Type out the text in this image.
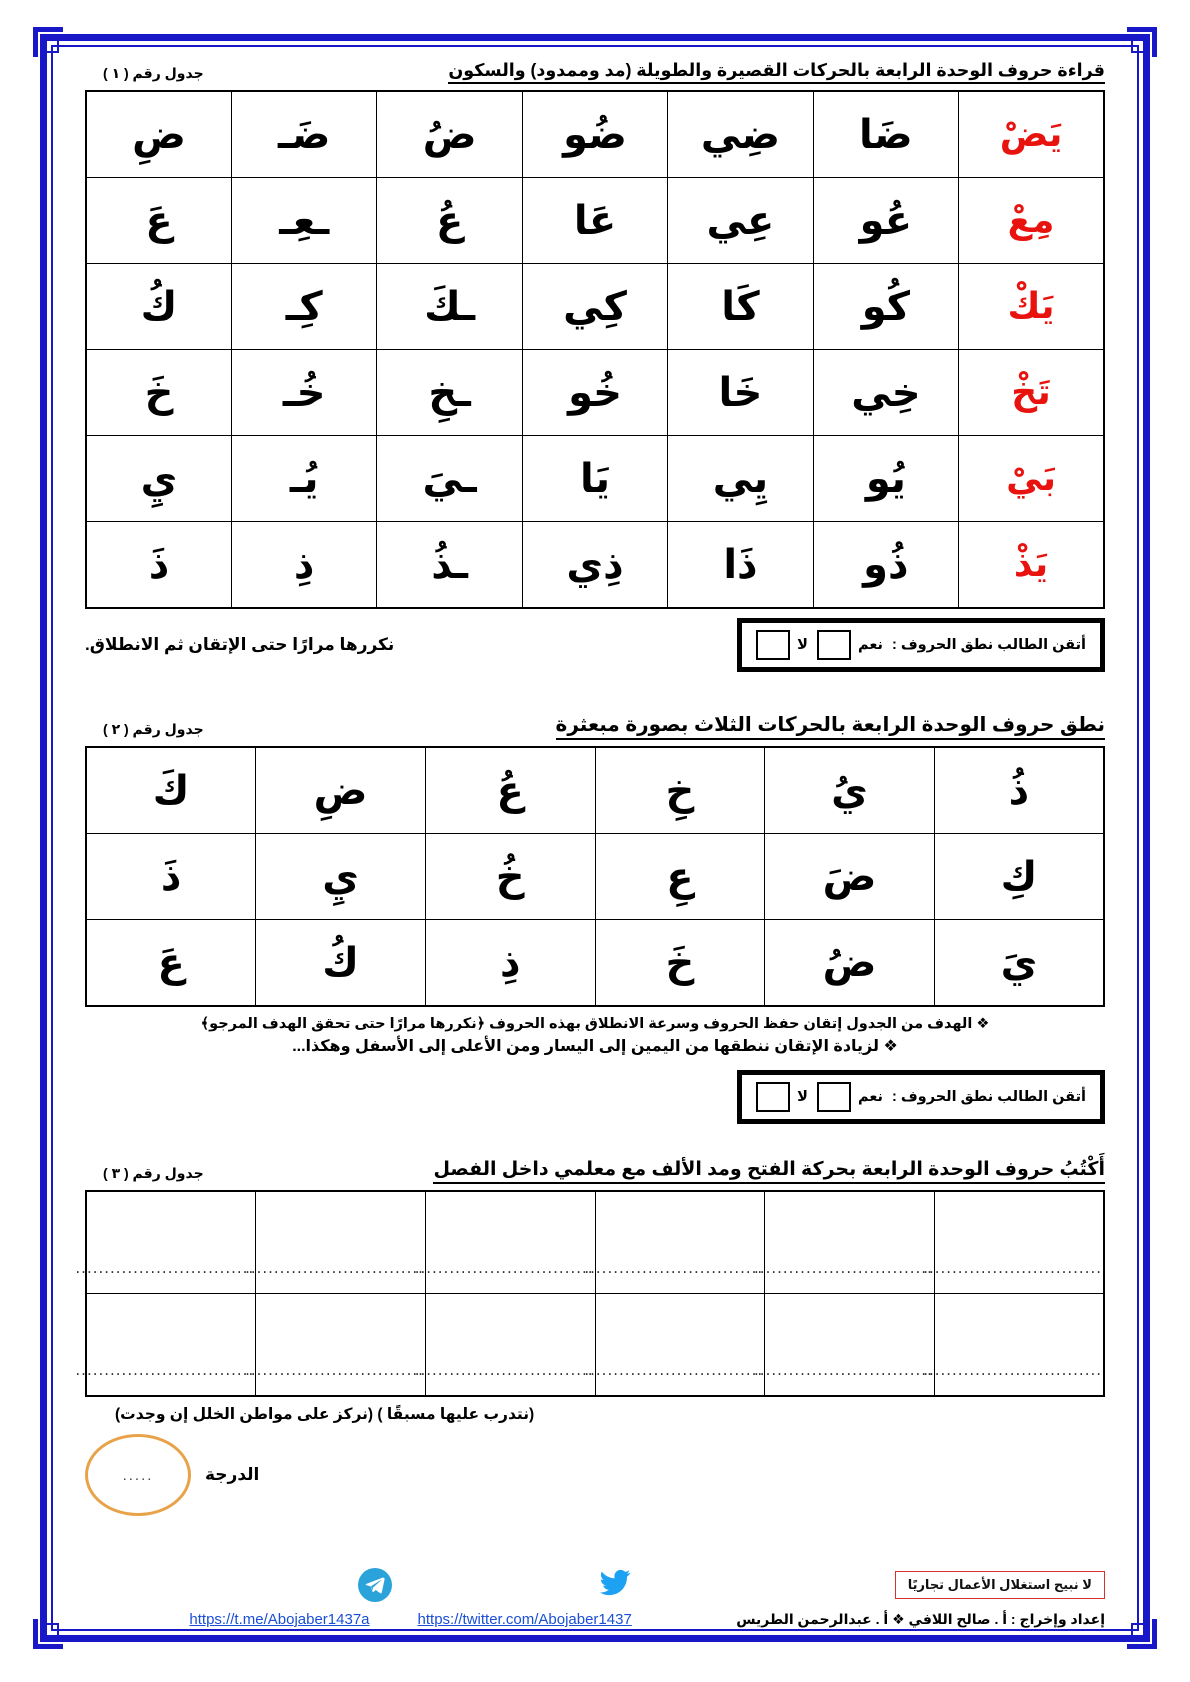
قراءة حروف الوحدة الرابعة بالحركات القصيرة والطويلة (مد وممدود) والسكون
جدول رقم ( ١ )
يَضْ	ضَا	ضِي	ضُو	ضُ	ضَـ	ضِ
مِعْ	عُو	عِي	عَا	عُ	ـعِـ	عَ
يَكْ	كُو	كَا	كِي	ـكَ	كِـ	كُ
تَخْ	خِي	خَا	خُو	ـخِ	خُـ	خَ
بَيْ	يُو	يِي	يَا	ـيَ	يُـ	يِ
يَذْ	ذُو	ذَا	ذِي	ـذُ	ذِ	ذَ
أتقن الطالب نطق الحروف :
نعم
لا
نكررها مرارًا حتى الإتقان ثم الانطلاق.
نطق حروف الوحدة الرابعة بالحركات الثلاث بصورة مبعثرة
جدول رقم ( ٢ )
ذُ	يُ	خِ	عُ	ضِ	كَ
كِ	ضَ	عِ	خُ	يِ	ذَ
يَ	ضُ	خَ	ذِ	كُ	عَ
❖ الهدف من الجدول إتقان حفظ الحروف وسرعة الانطلاق بهذه الحروف ﴿نكررها مرارًا حتى تحقق الهدف المرجو﴾
❖ لزيادة الإتقان ننطقها من اليمين إلى اليسار ومن الأعلى إلى الأسفل وهكذا...
أتقن الطالب نطق الحروف :
نعم
لا
أَكْتُبُ حروف الوحدة الرابعة بحركة الفتح ومد الألف مع معلمي داخل الفصل
جدول رقم ( ٣ )
...............................	...............................	...............................	...............................	...............................	...............................
...............................	...............................	...............................	...............................	...............................	...............................
(نتدرب عليها مسبقًا ) (نركز على مواطن الخلل إن وجدت)
الدرجة
.....
لا نبيح استغلال الأعمال تجاريًا
إعداد وإخراج : أ . صالح اللافي ❖ أ . عبدالرحمن الطريس
https://twitter.com/Abojaber1437
https://t.me/Abojaber1437a
